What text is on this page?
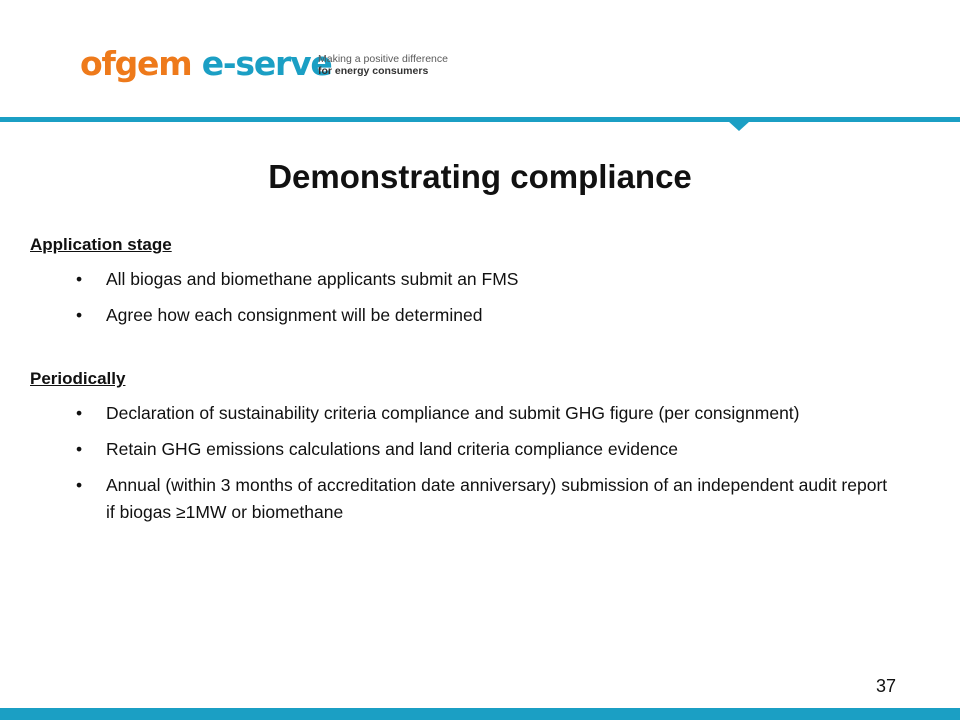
ofgem e-serve
Making a positive difference
for energy consumers
Demonstrating compliance

Application stage

• All biogas and biomethane applicants submit an FMS
• Agree how each consignment will be determined

Periodically

• Declaration of sustainability criteria compliance and submit GHG figure (per consignment)
• Retain GHG emissions calculations and land criteria compliance evidence
• Annual (within 3 months of accreditation date anniversary) submission of an independent audit report if biogas ≥1MW or biomethane
37
